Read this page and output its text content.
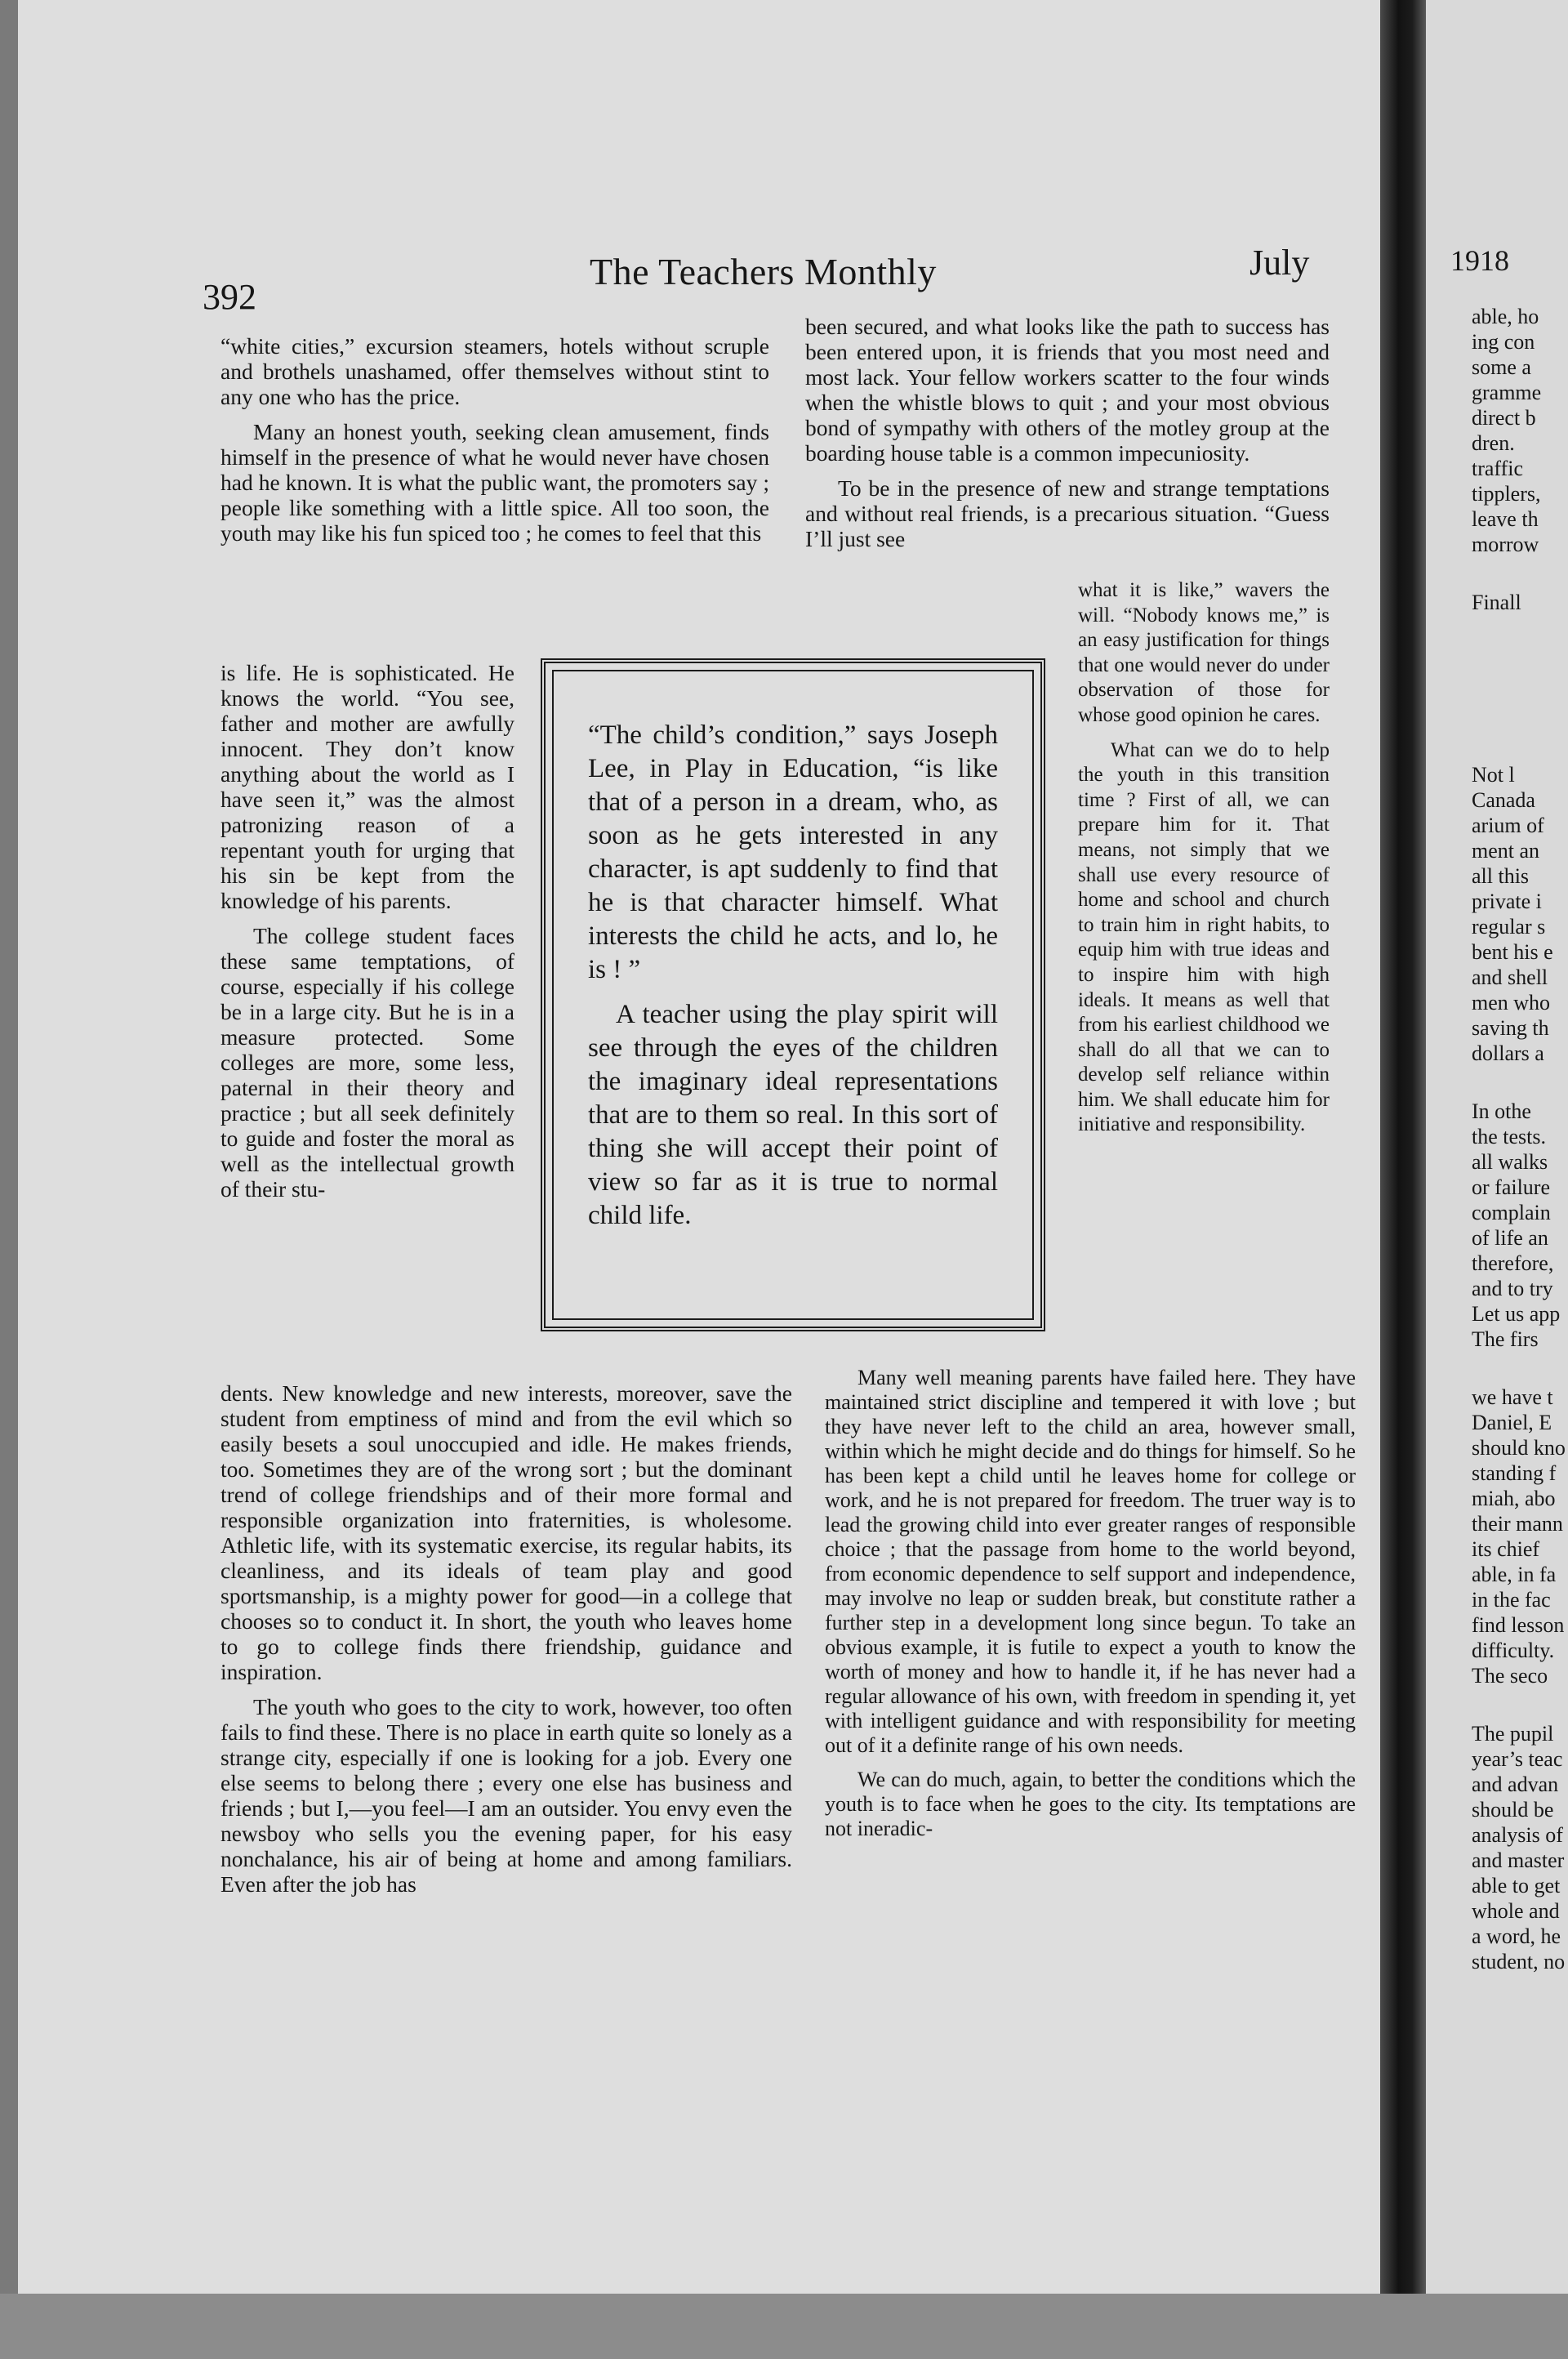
392
The Teachers Monthly	July

“white cities,” excursion steamers, hotels without scruple and brothels unashamed, offer themselves without stint to any one who has the price.

Many an honest youth, seeking clean amusement, finds himself in the presence of what he would never have chosen had he known. It is what the public want, the promoters say ; people like something with a little spice. All too soon, the youth may like his fun spiced too ; he comes to feel that this

is life. He is sophisticated. He knows the world. “You see, father and mother are awfully innocent. They don’t know anything about the world as I have seen it,” was the almost patronizing reason of a repentant youth for urging that his sin be kept from the knowledge of his parents.

The college student faces these same temptations, of course, especially if his college be in a large city. But he is in a measure protected. Some colleges are more, some less, paternal in their theory and practice ; but all seek definitely to guide and foster the moral as well as the intellectual growth of their stu-

dents. New knowledge and new interests, moreover, save the student from emptiness of mind and from the evil which so easily besets a soul unoccupied and idle. He makes friends, too. Sometimes they are of the wrong sort ; but the dominant trend of college friendships and of their more formal and responsible organization into fraternities, is wholesome. Athletic life, with its systematic exercise, its regular habits, its cleanliness, and its ideals of team play and good sportsmanship, is a mighty power for good—in a college that chooses so to conduct it. In short, the youth who leaves home to go to college finds there friendship, guidance and inspiration.

The youth who goes to the city to work, however, too often fails to find these. There is no place in earth quite so lonely as a strange city, especially if one is looking for a job. Every one else seems to belong there ; every one else has business and friends ; but I,—you feel—I am an outsider. You envy even the newsboy who sells you the evening paper, for his easy nonchalance, his air of being at home and among familiars. Even after the job has

“The child’s condition,” says Joseph Lee, in Play in Education, “is like that of a person in a dream, who, as soon as he gets interested in any character, is apt suddenly to find that he is that character himself. What interests the child he acts, and lo, he is ! ”

A teacher using the play spirit will see through the eyes of the children the imaginary ideal representations that are to them so real. In this sort of thing she will accept their point of view so far as it is true to normal child life.

been secured, and what looks like the path to success has been entered upon, it is friends that you most need and most lack. Your fellow workers scatter to the four winds when the whistle blows to quit ; and your most obvious bond of sympathy with others of the motley group at the boarding house table is a common impecuniosity.

To be in the presence of new and strange temptations and without real friends, is a precarious situation. “Guess I’ll just see

what it is like,” wavers the will. “Nobody knows me,” is an easy justification for things that one would never do under observation of those for whose good opinion he cares.

What can we do to help the youth in this transition time ? First of all, we can prepare him for it. That means, not simply that we shall use every resource of home and school and church to train him in right habits, to equip him with true ideas and to inspire him with high ideals. It means as well that from his earliest childhood we shall do all that we can to develop self reliance within him. We shall educate him for initiative and responsibility.

Many well meaning parents have failed here. They have maintained strict discipline and tempered it with love ; but they have never left to the child an area, however small, within which he might decide and do things for himself. So he has been kept a child until he leaves home for college or work, and he is not prepared for freedom. The truer way is to lead the growing child into ever greater ranges of responsible choice ; that the passage from home to the world beyond, from economic dependence to self support and independence, may involve no leap or sudden break, but constitute rather a further step in a development long since begun. To take an obvious example, it is futile to expect a youth to know the worth of money and how to handle it, if he has never had a regular allowance of his own, with freedom in spending it, yet with intelligent guidance and with responsibility for meeting out of it a definite range of his own needs.

We can do much, again, to better the conditions which the youth is to face when he goes to the city. Its temptations are not ineradic-

1918
able, ho
ing con
some a
gramme
direct b
dren.
traffic
tipplers,
leave th
morrow
Finall
Not l
Canada
arium of
ment an
all this
private i
regular s
bent his e
and shell
men who
saving th
dollars a
In othe
the tests.
all walks
or failure
complain
of life an
therefore,
and to try
Let us app
The firs
we have t
Daniel, E
should kno
standing f
miah, abo
their mann
its chief
able, in fa
in the fac
find lesson
difficulty.
The seco
The pupil
year’s teac
and advan
should be
analysis of
and master
able to get
whole and
a word, he
student, no
